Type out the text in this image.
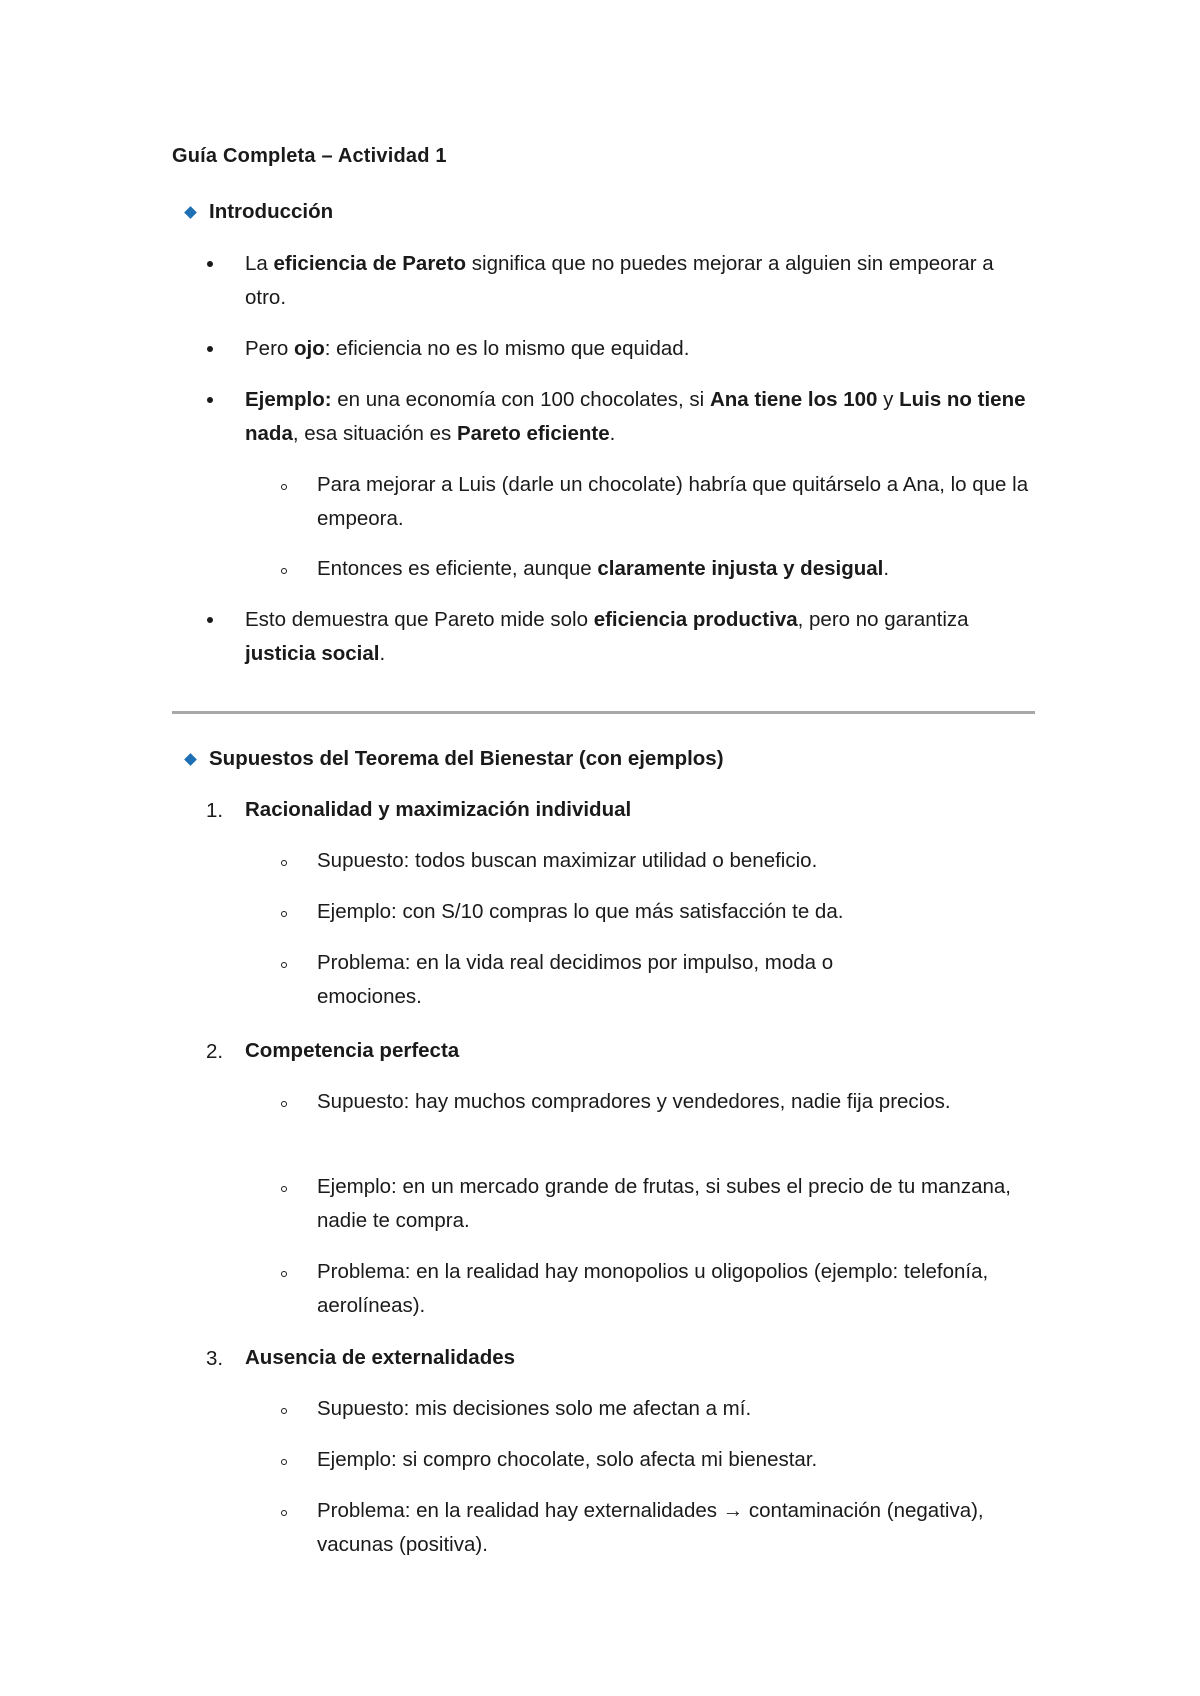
Guía Completa – Actividad 1
Introducción
La eficiencia de Pareto significa que no puedes mejorar a alguien sin empeorar a otro.
Pero ojo: eficiencia no es lo mismo que equidad.
Ejemplo: en una economía con 100 chocolates, si Ana tiene los 100 y Luis no tiene nada, esa situación es Pareto eficiente.
Para mejorar a Luis (darle un chocolate) habría que quitárselo a Ana, lo que la empeora.
Entonces es eficiente, aunque claramente injusta y desigual.
Esto demuestra que Pareto mide solo eficiencia productiva, pero no garantiza justicia social.
Supuestos del Teorema del Bienestar (con ejemplos)
1. Racionalidad y maximización individual
Supuesto: todos buscan maximizar utilidad o beneficio.
Ejemplo: con S/10 compras lo que más satisfacción te da.
Problema: en la vida real decidimos por impulso, moda o emociones.
2. Competencia perfecta
Supuesto: hay muchos compradores y vendedores, nadie fija precios.
Ejemplo: en un mercado grande de frutas, si subes el precio de tu manzana, nadie te compra.
Problema: en la realidad hay monopolios u oligopolios (ejemplo: telefonía, aerolíneas).
3. Ausencia de externalidades
Supuesto: mis decisiones solo me afectan a mí.
Ejemplo: si compro chocolate, solo afecta mi bienestar.
Problema: en la realidad hay externalidades → contaminación (negativa), vacunas (positiva).
